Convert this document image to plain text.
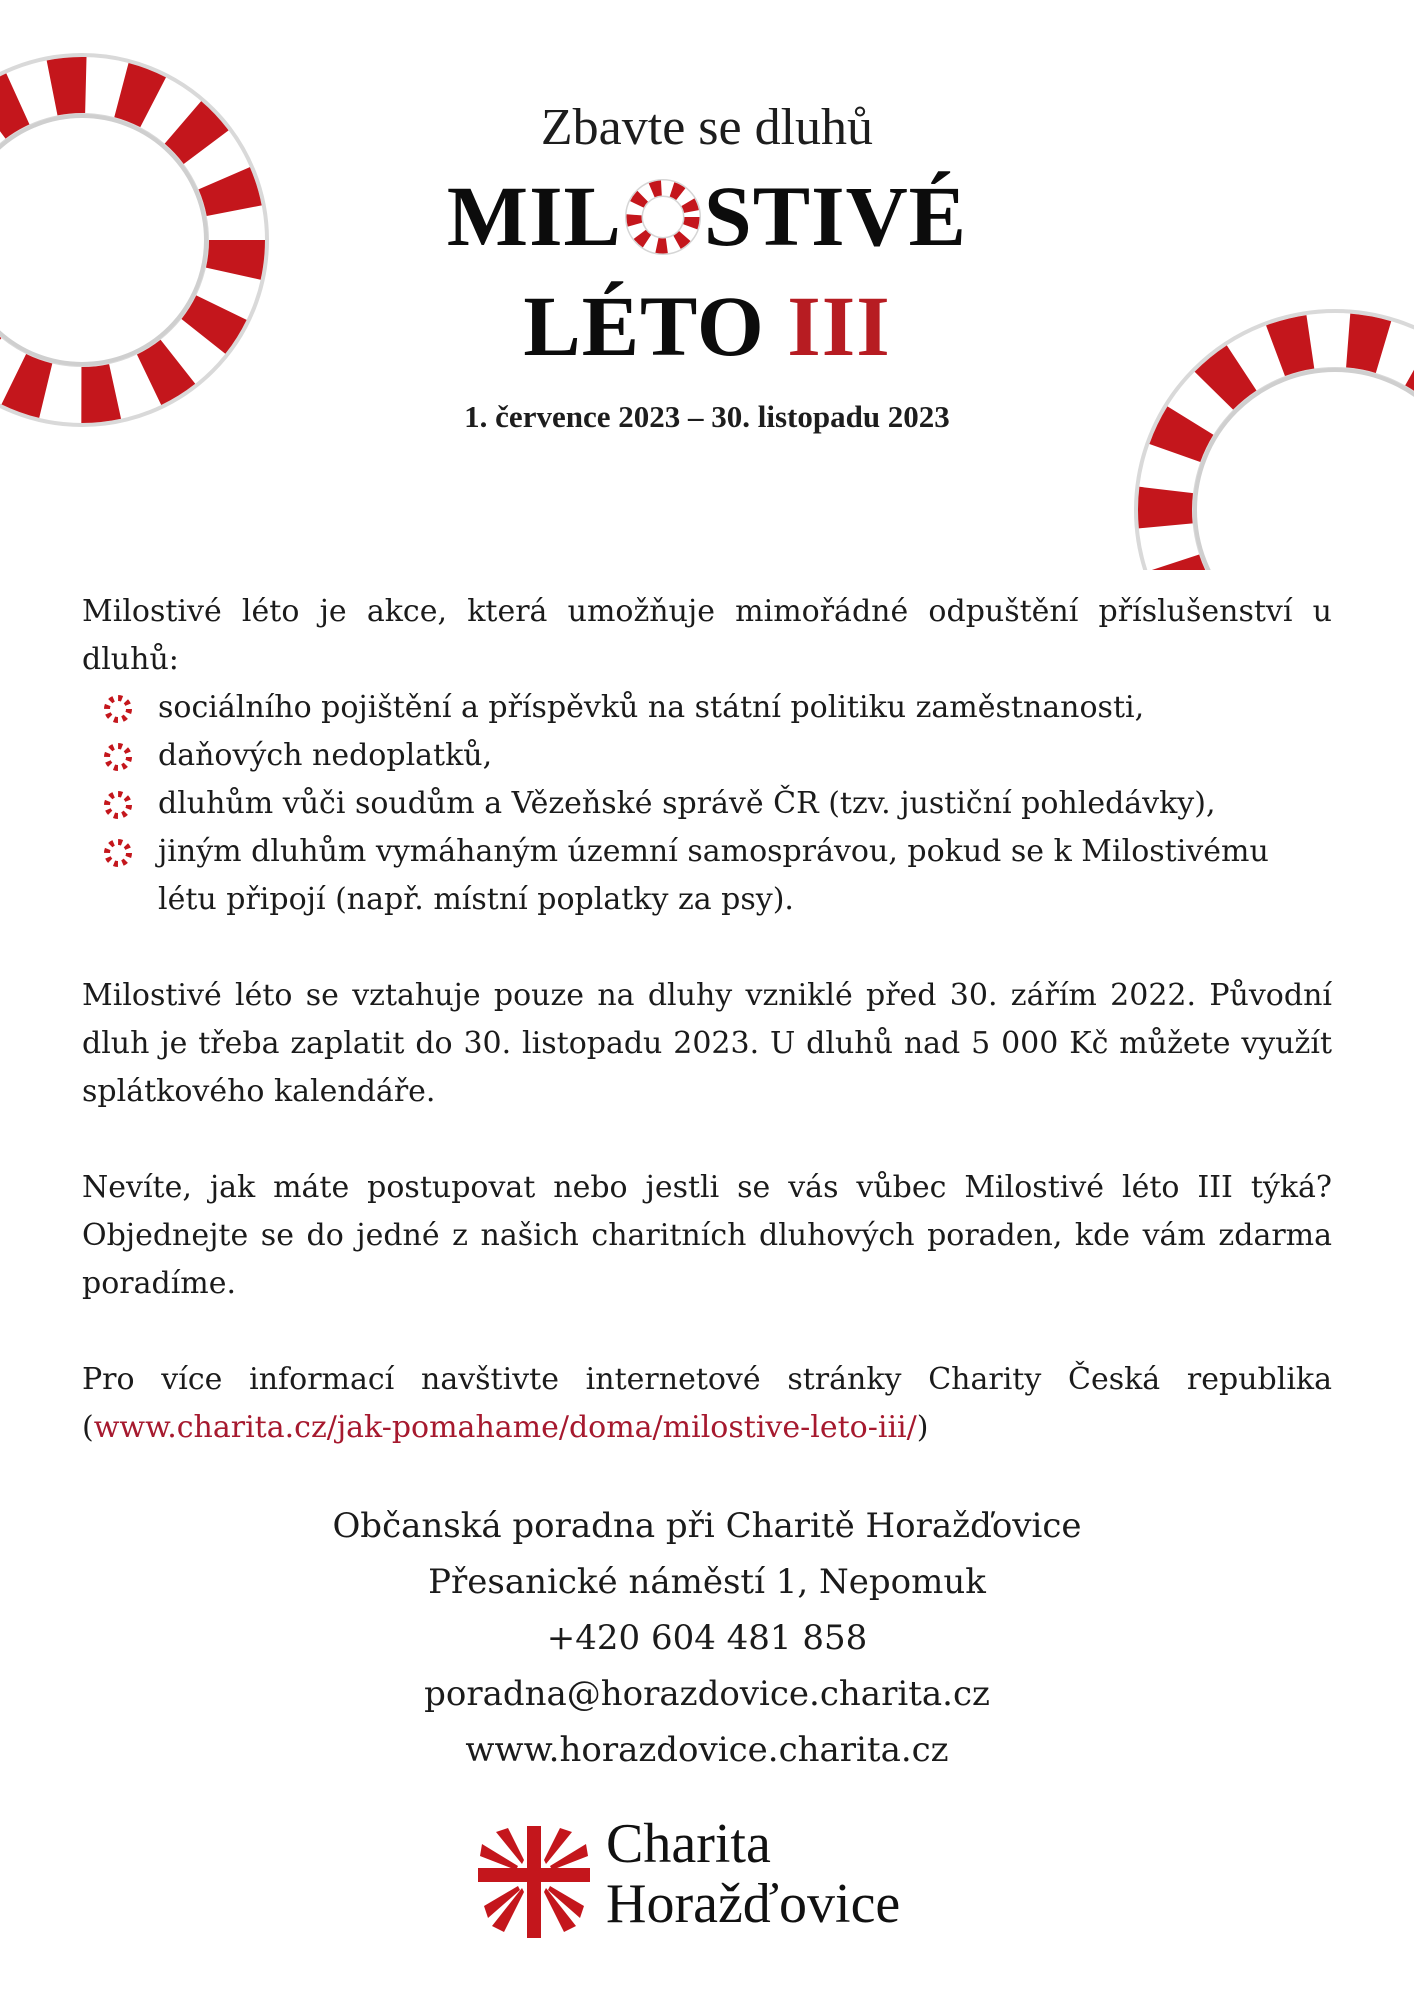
Zbavte se dluhů
MIL STIVÉ
LÉTO III
1. července 2023 – 30. listopadu 2023

Milostivé léto je akce, která umožňuje mimořádné odpuštění příslušenství u dluhů:

sociálního pojištění a příspěvků na státní politiku zaměstnanosti,
daňových nedoplatků,
dluhům vůči soudům a Vězeňské správě ČR (tzv. justiční pohledávky),
jiným dluhům vymáhaným územní samosprávou, pokud se k Milostivému létu připojí (např. místní poplatky za psy).

Milostivé léto se vztahuje pouze na dluhy vzniklé před 30. zářím 2022. Původní dluh je třeba zaplatit do 30. listopadu 2023. U dluhů nad 5 000 Kč můžete využít splátkového kalendáře.

Nevíte, jak máte postupovat nebo jestli se vás vůbec Milostivé léto III týká? Objednejte se do jedné z našich charitních dluhových poraden, kde vám zdarma poradíme.

Pro více informací navštivte internetové stránky Charity Česká republika (www.charita.cz/jak-pomahame/doma/milostive-leto-iii/)

Občanská poradna při Charitě Horažďovice
Přesanické náměstí 1, Nepomuk
+420 604 481 858
poradna@horazdovice.charita.cz
www.horazdovice.charita.cz
Charita
Horažďovice
